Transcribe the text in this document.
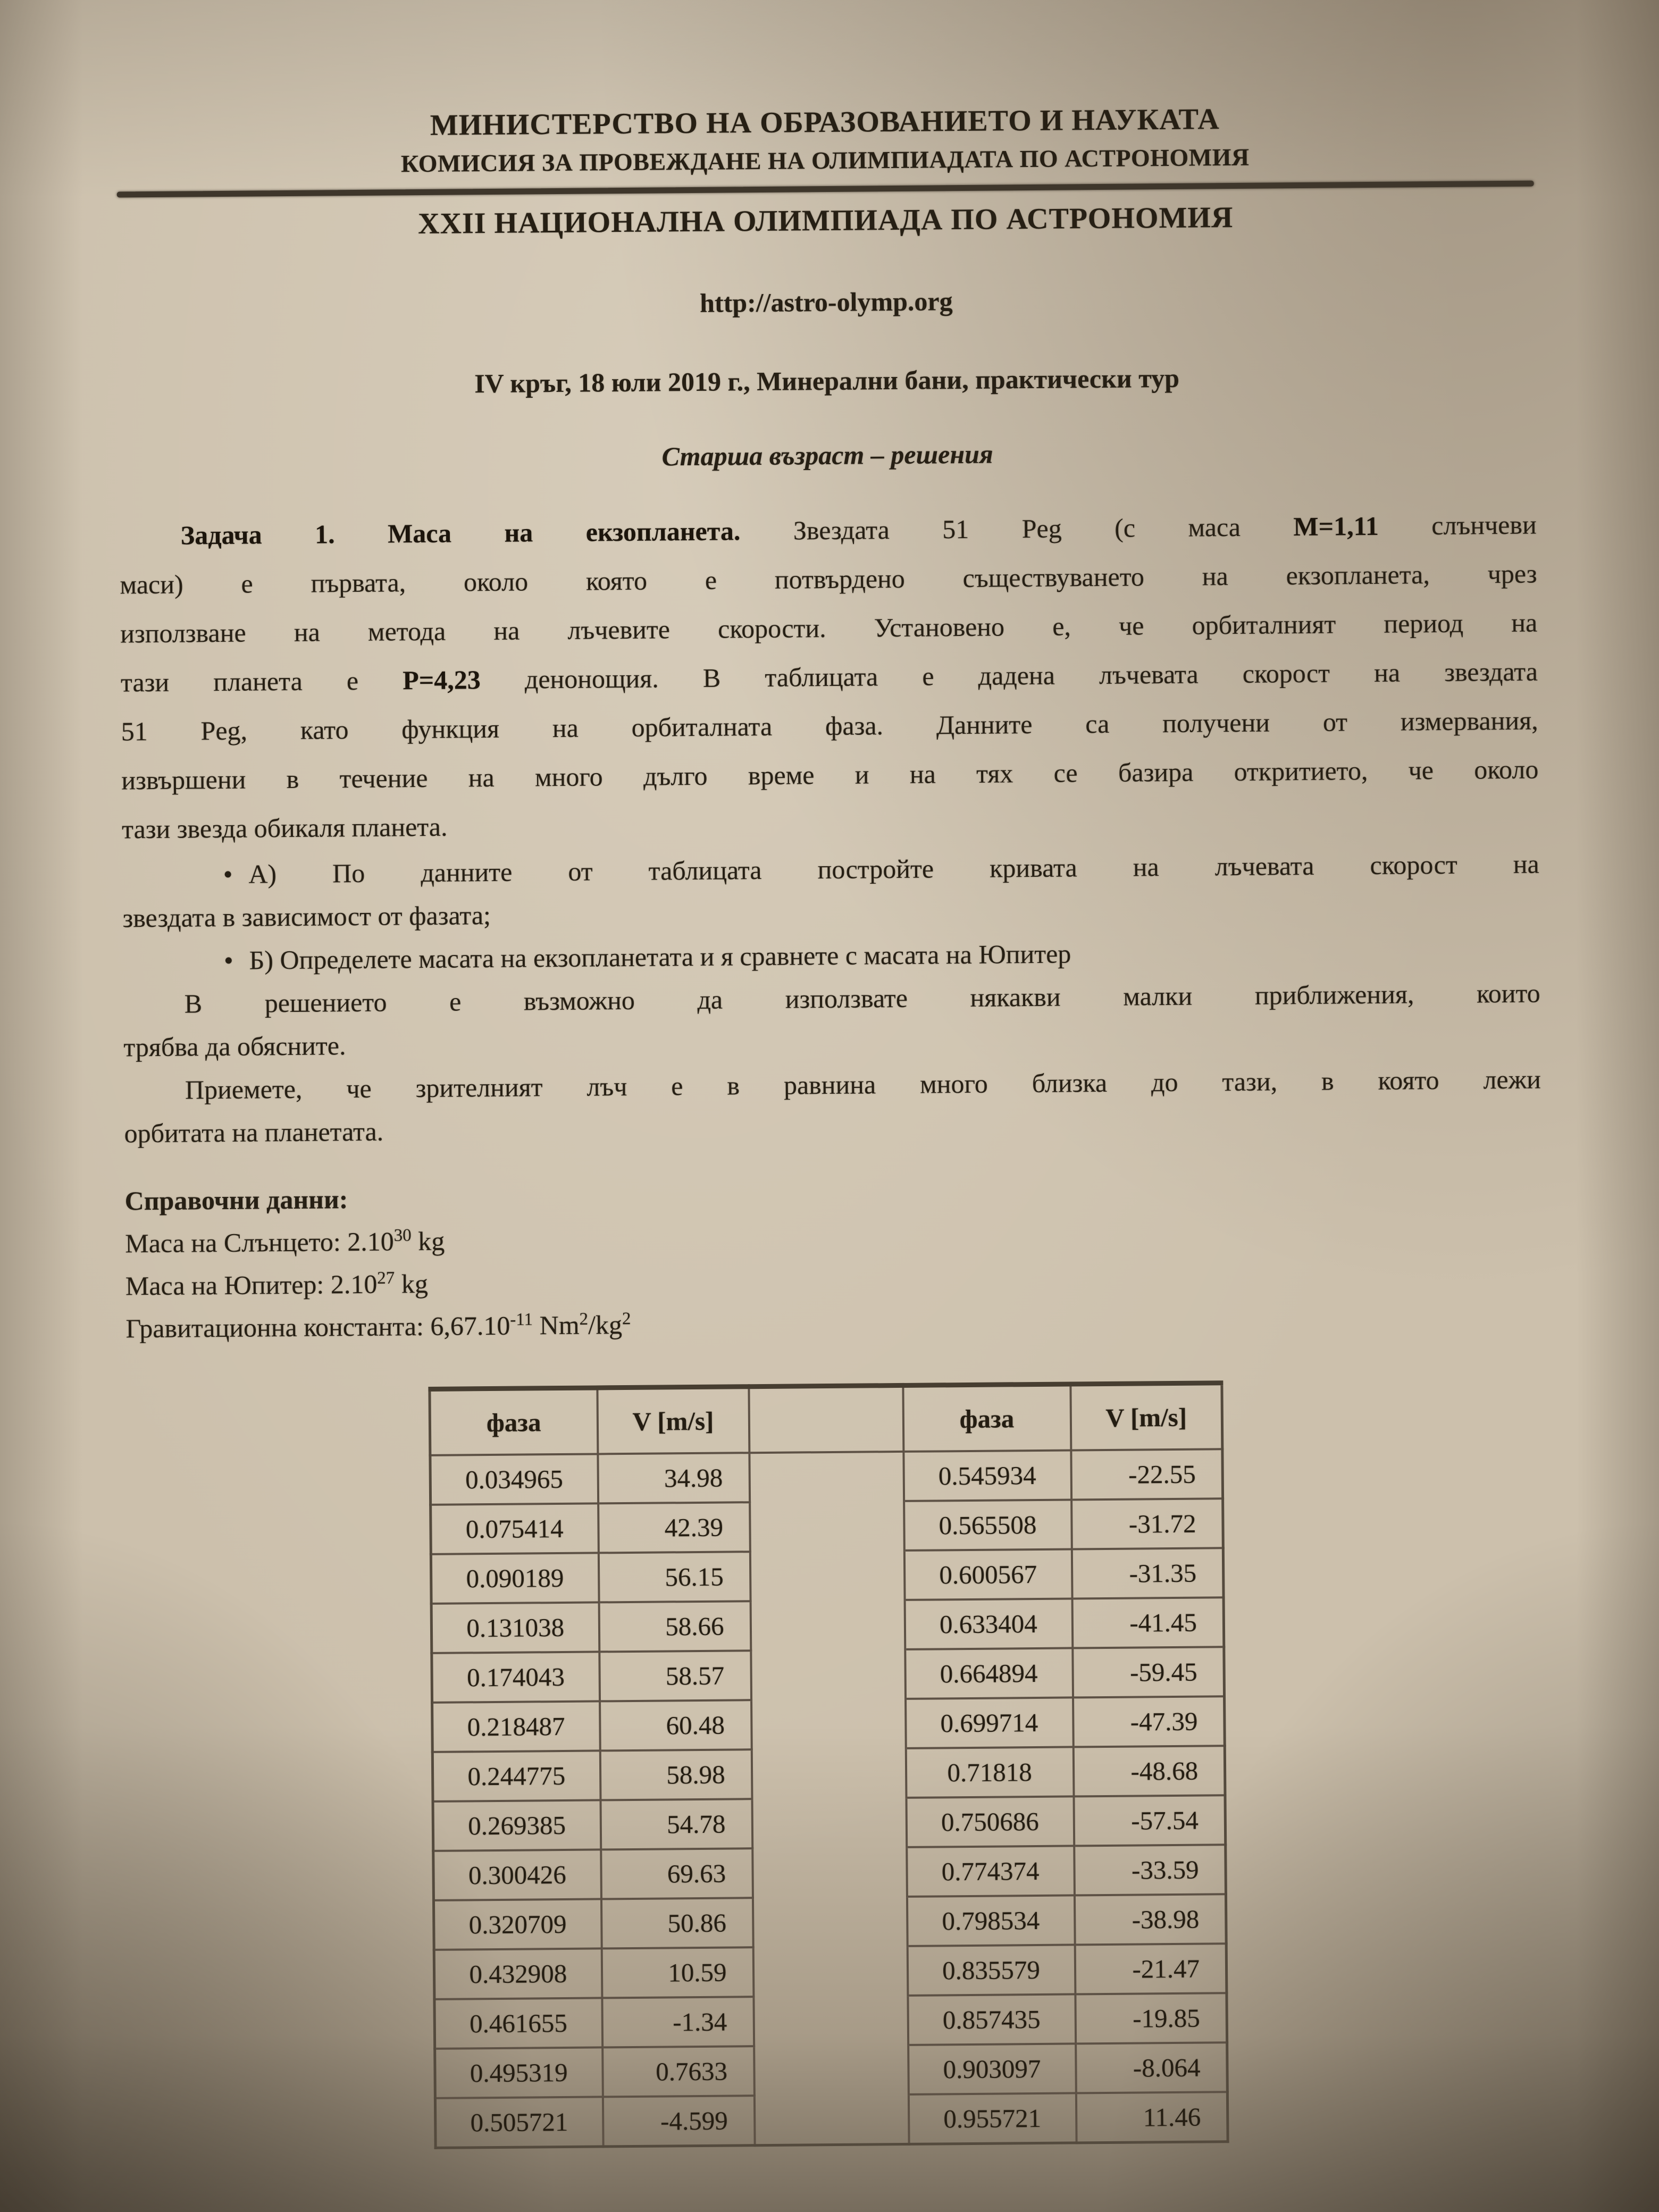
МИНИСТЕРСТВО НА ОБРАЗОВАНИЕТО И НАУКАТА
КОМИСИЯ ЗА ПРОВЕЖДАНЕ НА ОЛИМПИАДАТА ПО АСТРОНОМИЯ
XXII НАЦИОНАЛНА ОЛИМПИАДА ПО АСТРОНОМИЯ
http://astro-olymp.org
IV кръг, 18 юли 2019 г., Минерални бани, практически тур
Старша възраст – решения
Задача 1. Маса на екзопланета. Звездата 51 Peg (с маса M=1,11 слънчеви
маси) е първата, около която е потвърдено съществуването на екзопланета, чрез
използване на метода на лъчевите скорости. Установено е, че орбиталният период на
тази планета е P=4,23 денонощия. В таблицата е дадена лъчевата скорост на звездата
51 Peg, като функция на орбиталната фаза. Данните са получени от измервания,
извършени в течение на много дълго време и на тях се базира откритието, че около
тази звезда обикаля планета.
• А) По данните от таблицата постройте кривата на лъчевата скорост на
звездата в зависимост от фазата;
• Б) Определете масата на екзопланетата и я сравнете с масата на Юпитер
В решението е възможно да използвате някакви малки приближения, които
трябва да обясните.
Приемете, че зрителният лъч е в равнина много близка до тази, в която лежи
орбитата на планетата.
Справочни данни:
Маса на Слънцето: 2.10$^{30}$ kg
Маса на Юпитер: 2.10$^{27}$ kg
Гравитационна константа: $6,67.10^{-11}$ $Nm^2/kg^2$
фаза	V [m/s]		фаза	V [m/s]
0.034965	34.98		0.545934	-22.55
0.075414	42.39		0.565508	-31.72
0.090189	56.15		0.600567	-31.35
0.131038	58.66		0.633404	-41.45
0.174043	58.57		0.664894	-59.45
0.218487	60.48		0.699714	-47.39
0.244775	58.98		0.71818	-48.68
0.269385	54.78		0.750686	-57.54
0.300426	69.63		0.774374	-33.59
0.320709	50.86		0.798534	-38.98
0.432908	10.59		0.835579	-21.47
0.461655	-1.34		0.857435	-19.85
0.495319	0.7633		0.903097	-8.064
0.505721	-4.599		0.955721	11.46
